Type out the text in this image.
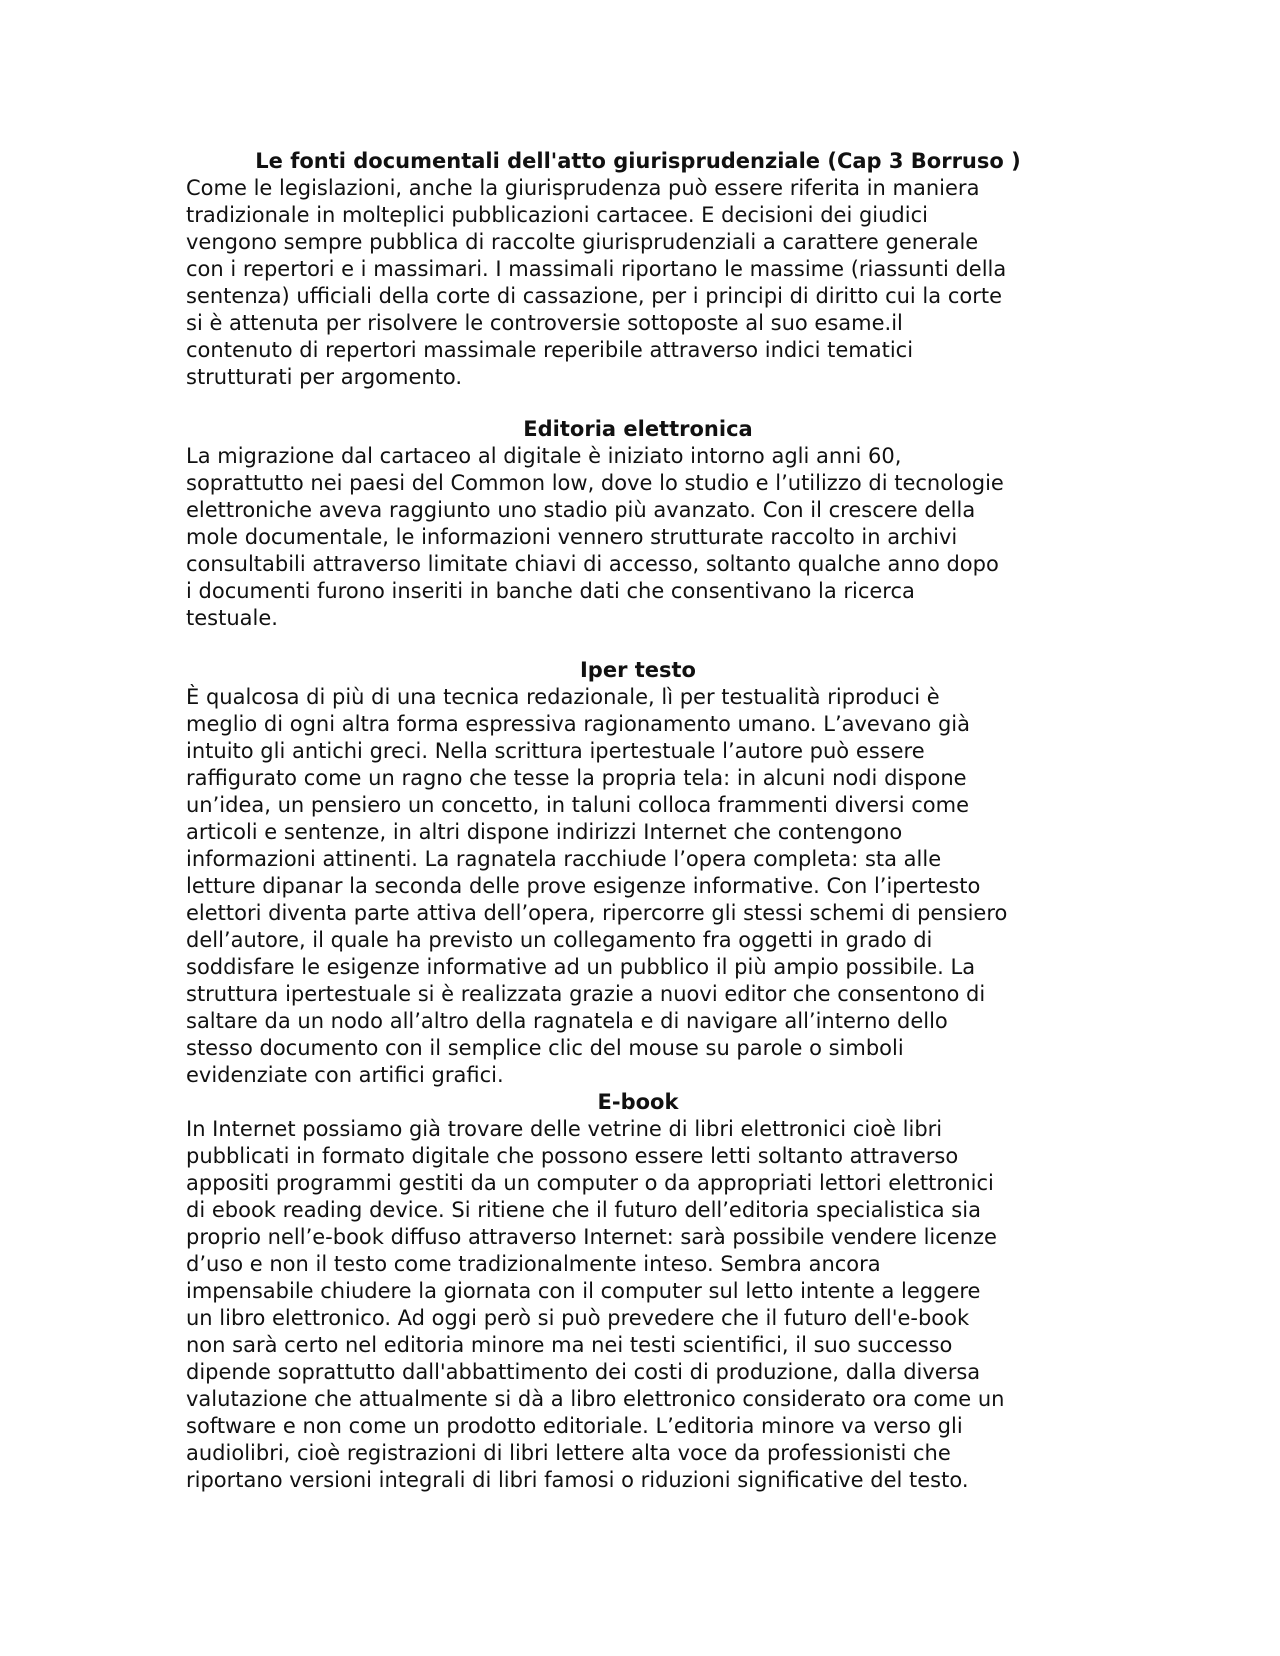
Le fonti documentali dell'atto giurisprudenziale (Cap 3 Borruso )

Come le legislazioni, anche la giurisprudenza può essere riferita in maniera
tradizionale in molteplici pubblicazioni cartacee. E decisioni dei giudici
vengono sempre pubblica di raccolte giurisprudenziali a carattere generale
con i repertori e i massimari. I massimali riportano le massime (riassunti della
sentenza) ufficiali della corte di cassazione, per i principi di diritto cui la corte
si è attenuta per risolvere le controversie sottoposte al suo esame.il
contenuto di repertori massimale reperibile attraverso indici tematici
strutturati per argomento.

Editoria elettronica

La migrazione dal cartaceo al digitale è iniziato intorno agli anni 60,
soprattutto nei paesi del Common low, dove lo studio e l’utilizzo di tecnologie
elettroniche aveva raggiunto uno stadio più avanzato. Con il crescere della
mole documentale, le informazioni vennero strutturate raccolto in archivi
consultabili attraverso limitate chiavi di accesso, soltanto qualche anno dopo
i documenti furono inseriti in banche dati che consentivano la ricerca
testuale.

Iper testo

È qualcosa di più di una tecnica redazionale, lì per testualità riproduci è
meglio di ogni altra forma espressiva ragionamento umano. L’avevano già
intuito gli antichi greci. Nella scrittura ipertestuale l’autore può essere
raffigurato come un ragno che tesse la propria tela: in alcuni nodi dispone
un’idea, un pensiero un concetto, in taluni colloca frammenti diversi come
articoli e sentenze, in altri dispone indirizzi Internet che contengono
informazioni attinenti. La ragnatela racchiude l’opera completa: sta alle
letture dipanar la seconda delle prove esigenze informative. Con l’ipertesto
elettori diventa parte attiva dell’opera, ripercorre gli stessi schemi di pensiero
dell’autore, il quale ha previsto un collegamento fra oggetti in grado di
soddisfare le esigenze informative ad un pubblico il più ampio possibile. La
struttura ipertestuale si è realizzata grazie a nuovi editor che consentono di
saltare da un nodo all’altro della ragnatela e di navigare all’interno dello
stesso documento con il semplice clic del mouse su parole o simboli
evidenziate con artifici grafici.

E-book

In Internet possiamo già trovare delle vetrine di libri elettronici cioè libri
pubblicati in formato digitale che possono essere letti soltanto attraverso
appositi programmi gestiti da un computer o da appropriati lettori elettronici
di ebook reading device. Si ritiene che il futuro dell’editoria specialistica sia
proprio nell’e-book diffuso attraverso Internet: sarà possibile vendere licenze
d’uso e non il testo come tradizionalmente inteso. Sembra ancora
impensabile chiudere la giornata con il computer sul letto intente a leggere
un libro elettronico. Ad oggi però si può prevedere che il futuro dell'e-book
non sarà certo nel editoria minore ma nei testi scientifici, il suo successo
dipende soprattutto dall'abbattimento dei costi di produzione, dalla diversa
valutazione che attualmente si dà a libro elettronico considerato ora come un
software e non come un prodotto editoriale. L’editoria minore va verso gli
audiolibri, cioè registrazioni di libri lettere alta voce da professionisti che
riportano versioni integrali di libri famosi o riduzioni significative del testo.
